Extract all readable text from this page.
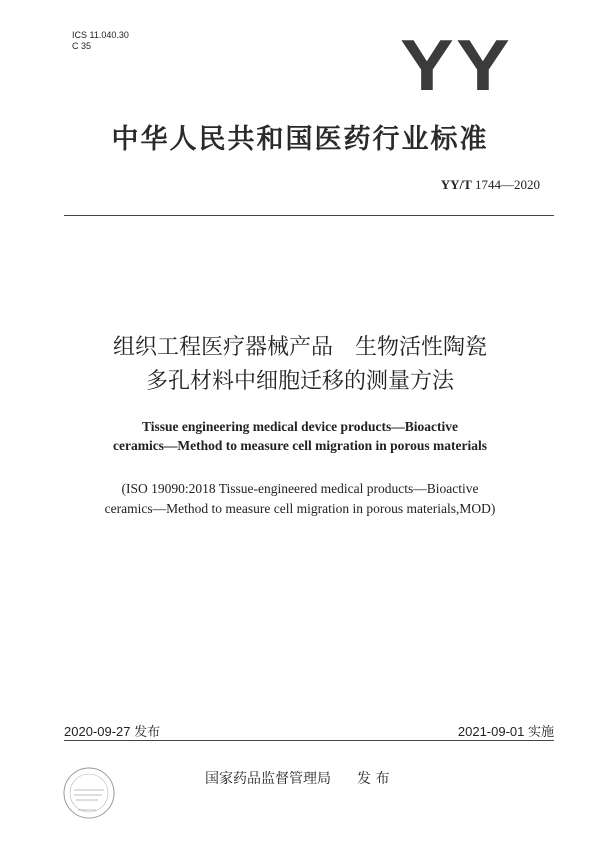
ICS 11.040.30
C 35	YY
中华人民共和国医药行业标准
YY/T 1744—2020
组织工程医疗器械产品　生物活性陶瓷
多孔材料中细胞迁移的测量方法
Tissue engineering medical device products—Bioactive
ceramics—Method to measure cell migration in porous materials
(ISO 19090:2018 Tissue-engineered medical products—Bioactive
ceramics—Method to measure cell migration in porous materials,MOD)
2020-09-27 发布	2021-09-01 实施
国家药品监督管理局 发 布
